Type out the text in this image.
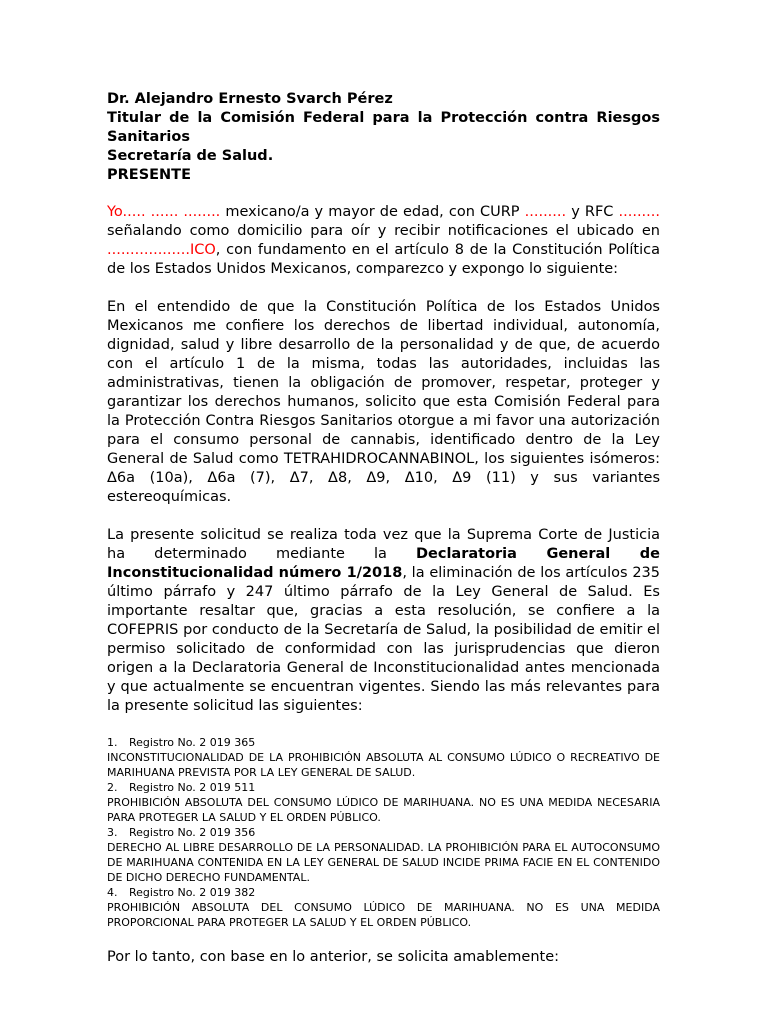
Dr. Alejandro Ernesto Svarch Pérez
Titular de la Comisión Federal para la Protección contra Riesgos Sanitarios
Secretaría de Salud.
PRESENTE

Yo..... ...... ........ mexicano/a y mayor de edad, con CURP ......... y RFC ......... señalando como domicilio para oír y recibir notificaciones el ubicado en ..................ICO, con fundamento en el artículo 8 de la Constitución Política de los Estados Unidos Mexicanos, comparezco y expongo lo siguiente:

En el entendido de que la Constitución Política de los Estados Unidos Mexicanos me confiere los derechos de libertad individual, autonomía, dignidad, salud y libre desarrollo de la personalidad y de que, de acuerdo con el artículo 1 de la misma, todas las autoridades, incluidas las administrativas, tienen la obligación de promover, respetar, proteger y garantizar los derechos humanos, solicito que esta Comisión Federal para la Protección Contra Riesgos Sanitarios otorgue a mi favor una autorización para el consumo personal de cannabis, identificado dentro de la Ley General de Salud como TETRAHIDROCANNABINOL, los siguientes isómeros: Δ6a (10a), Δ6a (7), Δ7, Δ8, Δ9, Δ10, Δ9 (11) y sus variantes estereoquímicas.

La presente solicitud se realiza toda vez que la Suprema Corte de Justicia ha determinado mediante la Declaratoria General de Inconstitucionalidad número 1/2018, la eliminación de los artículos 235 último párrafo y 247 último párrafo de la Ley General de Salud. Es importante resaltar que, gracias a esta resolución, se confiere a la COFEPRIS por conducto de la Secretaría de Salud, la posibilidad de emitir el permiso solicitado de conformidad con las jurisprudencias que dieron origen a la Declaratoria General de Inconstitucionalidad antes mencionada y que actualmente se encuentran vigentes. Siendo las más relevantes para la presente solicitud las siguientes:

1. Registro No. 2 019 365
INCONSTITUCIONALIDAD DE LA PROHIBICIÓN ABSOLUTA AL CONSUMO LÚDICO O RECREATIVO DE MARIHUANA PREVISTA POR LA LEY GENERAL DE SALUD.
2. Registro No. 2 019 511
PROHIBICIÓN ABSOLUTA DEL CONSUMO LÚDICO DE MARIHUANA. NO ES UNA MEDIDA NECESARIA PARA PROTEGER LA SALUD Y EL ORDEN PÚBLICO.
3. Registro No. 2 019 356
DERECHO AL LIBRE DESARROLLO DE LA PERSONALIDAD. LA PROHIBICIÓN PARA EL AUTOCONSUMO DE MARIHUANA CONTENIDA EN LA LEY GENERAL DE SALUD INCIDE PRIMA FACIE EN EL CONTENIDO DE DICHO DERECHO FUNDAMENTAL.
4. Registro No. 2 019 382
PROHIBICIÓN ABSOLUTA DEL CONSUMO LÚDICO DE MARIHUANA. NO ES UNA MEDIDA PROPORCIONAL PARA PROTEGER LA SALUD Y EL ORDEN PÚBLICO.

Por lo tanto, con base en lo anterior, se solicita amablemente:
